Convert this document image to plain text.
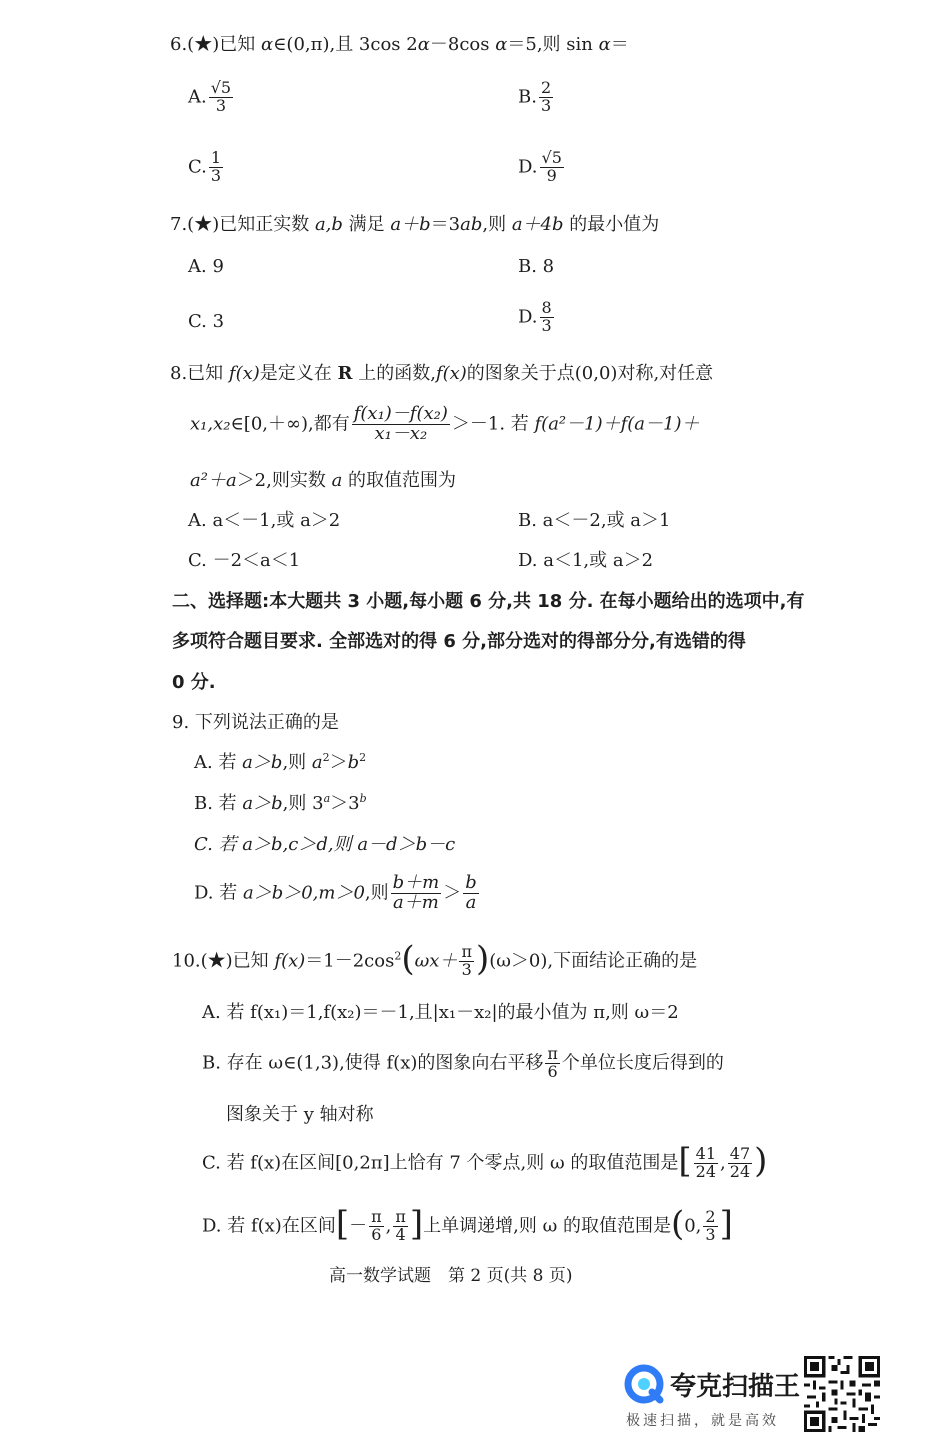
6.(★)已知 α∈(0,π),且 3cos 2α－8cos α＝5,则 sin α＝
A. $\frac{√5}{3}$	B. $\frac{2}{3}$
C. $\frac{1}{3}$	D. $\frac{√5}{9}$
7.(★)已知正实数 a,b 满足 a＋b＝3ab,则 a＋4b 的最小值为
A. 9	B. 8
C. 3	D. $\frac{8}{3}$
8.已知 f(x)是定义在 R 上的函数,f(x)的图象关于点(0,0)对称,对任意
x₁,x₂∈[0,＋∞),都有 $\frac{\text{f(x₁)－f(x₂)}}{\text{x₁－x₂}} >-1$. 若 f(a²－1)＋f(a－1)＋
a²＋a＞2,则实数 a 的取值范围为
A. a＜－1,或 a＞2	B. a＜－2,或 a＞1
C. －2＜a＜1	D. a＜1,或 a＞2
二、选择题:本大题共 3 小题,每小题 6 分,共 18 分. 在每小题给出的选项中,有
多项符合题目要求. 全部选对的得 6 分,部分选对的得部分分,有选错的得
0 分.
9. 下列说法正确的是
A. 若 a＞b,则 $a^2>b^2$
B. 若 a＞b,则 $3^a>3^b$
C. 若 a＞b,c＞d,则 a－d＞b－c
D. 若 a＞b＞0,m＞0,则 $\frac{b+m}{a+m} > \frac{b}{a}$
10.(★)已知 $f(x)=1-2\cos^2(\omega x+ \frac{\pi}{3} )(\omega>0)$,下面结论正确的是
A. 若 f(x₁)＝1,f(x₂)＝－1,且|x₁－x₂|的最小值为 π,则 ω＝2
B. 存在 ω∈(1,3),使得 f(x)的图象向右平移 $\frac{\pi}{6}$ 个单位长度后得到的
图象关于 y 轴对称
C. 若 f(x)在区间[0,2π]上恰有 7 个零点,则 ω 的取值范围是[ $\frac{41}{24}$ , $\frac{47}{24}$ )
D. 若 f(x)在区间[－ $\frac{\pi}{6}$ , $\frac{\pi}{4}$ ]上单调递增,则 ω 的取值范围是(0, $\frac{2}{3}$ ]
高一数学试题　第 2 页(共 8 页)
夸克扫描王
极速扫描，就是高效
